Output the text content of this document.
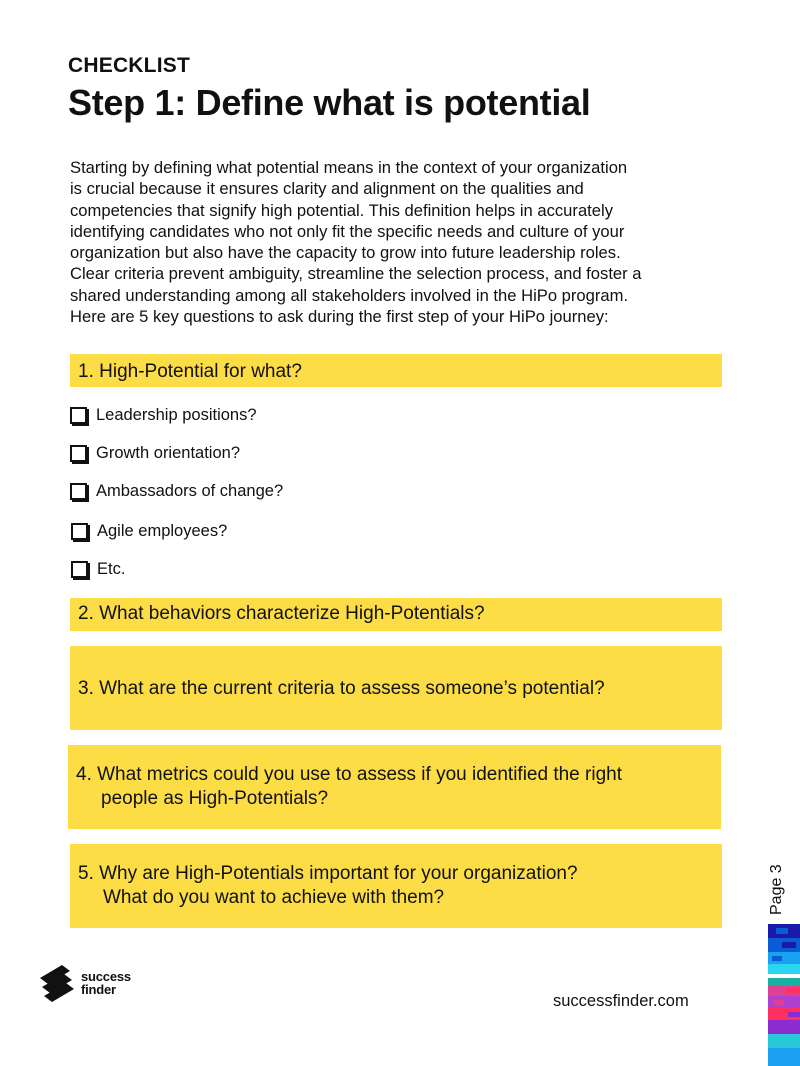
CHECKLIST
Step 1: Define what is potential

Starting by defining what potential means in the context of your organization
is crucial because it ensures clarity and alignment on the qualities and
competencies that signify high potential. This definition helps in accurately
identifying candidates who not only fit the specific needs and culture of your
organization but also have the capacity to grow into future leadership roles.
Clear criteria prevent ambiguity, streamline the selection process, and foster a
shared understanding among all stakeholders involved in the HiPo program.
Here are 5 key questions to ask during the first step of your HiPo journey:

1. High-Potential for what?
Leadership positions?
Growth orientation?
Ambassadors of change?
Agile employees?
Etc.
2. What behaviors characterize High-Potentials?
3. What are the current criteria to assess someone’s potential?
4. What metrics could you use to assess if you identified the right
people as High-Potentials?
5. Why are High-Potentials important for your organization?
What do you want to achieve with them?
success
finder
successfinder.com
Page 3
